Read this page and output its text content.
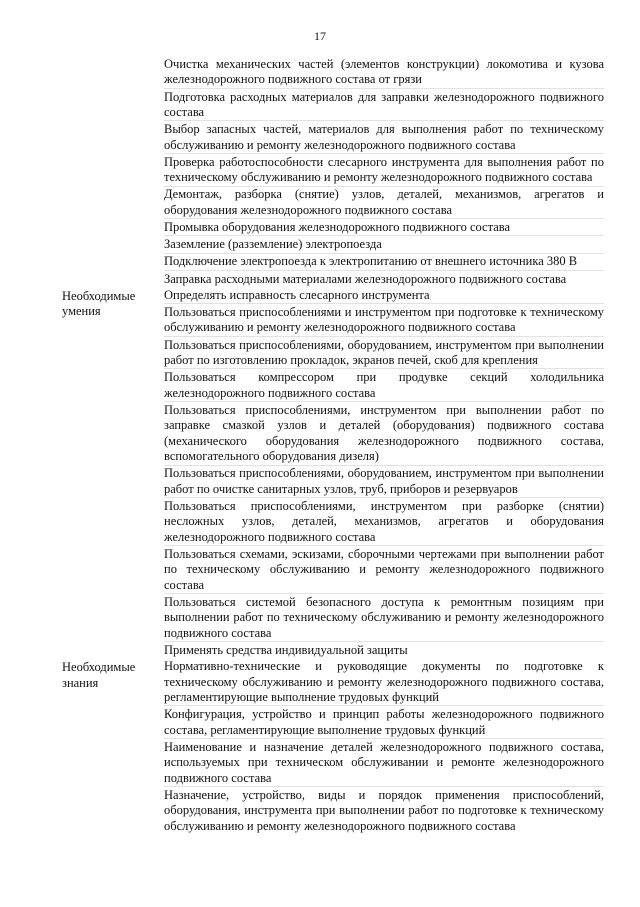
17
Очистка механических частей (элементов конструкции) локомотива и кузова железнодорожного подвижного состава от грязи
Подготовка расходных материалов для заправки железнодорожного подвижного состава
Выбор запасных частей, материалов для выполнения работ по техническому обслуживанию и ремонту железнодорожного подвижного состава
Проверка работоспособности слесарного инструмента для выполнения работ по техническому обслуживанию и ремонту железнодорожного подвижного состава
Демонтаж, разборка (снятие) узлов, деталей, механизмов, агрегатов и оборудования железнодорожного подвижного состава
Промывка оборудования железнодорожного подвижного состава
Заземление (разземление) электропоезда
Подключение электропоезда к электропитанию от внешнего источника 380 В
Заправка расходными материалами железнодорожного подвижного состава
Необходимые умения
Определять исправность слесарного инструмента
Пользоваться приспособлениями и инструментом при подготовке к техническому обслуживанию и ремонту железнодорожного подвижного состава
Пользоваться приспособлениями, оборудованием, инструментом при выполнении работ по изготовлению прокладок, экранов печей, скоб для крепления
Пользоваться компрессором при продувке секций холодильника железнодорожного подвижного состава
Пользоваться приспособлениями, инструментом при выполнении работ по заправке смазкой узлов и деталей (оборудования) подвижного состава (механического оборудования железнодорожного подвижного состава, вспомогательного оборудования дизеля)
Пользоваться приспособлениями, оборудованием, инструментом при выполнении работ по очистке санитарных узлов, труб, приборов и резервуаров
Пользоваться приспособлениями, инструментом при разборке (снятии) несложных узлов, деталей, механизмов, агрегатов и оборудования железнодорожного подвижного состава
Пользоваться схемами, эскизами, сборочными чертежами при выполнении работ по техническому обслуживанию и ремонту железнодорожного подвижного состава
Пользоваться системой безопасного доступа к ремонтным позициям при выполнении работ по техническому обслуживанию и ремонту железнодорожного подвижного состава
Применять средства индивидуальной защиты
Необходимые знания
Нормативно-технические и руководящие документы по подготовке к техническому обслуживанию и ремонту железнодорожного подвижного состава, регламентирующие выполнение трудовых функций
Конфигурация, устройство и принцип работы железнодорожного подвижного состава, регламентирующие выполнение трудовых функций
Наименование и назначение деталей железнодорожного подвижного состава, используемых при техническом обслуживании и ремонте железнодорожного подвижного состава
Назначение, устройство, виды и порядок применения приспособлений, оборудования, инструмента при выполнении работ по подготовке к техническому обслуживанию и ремонту железнодорожного подвижного состава
